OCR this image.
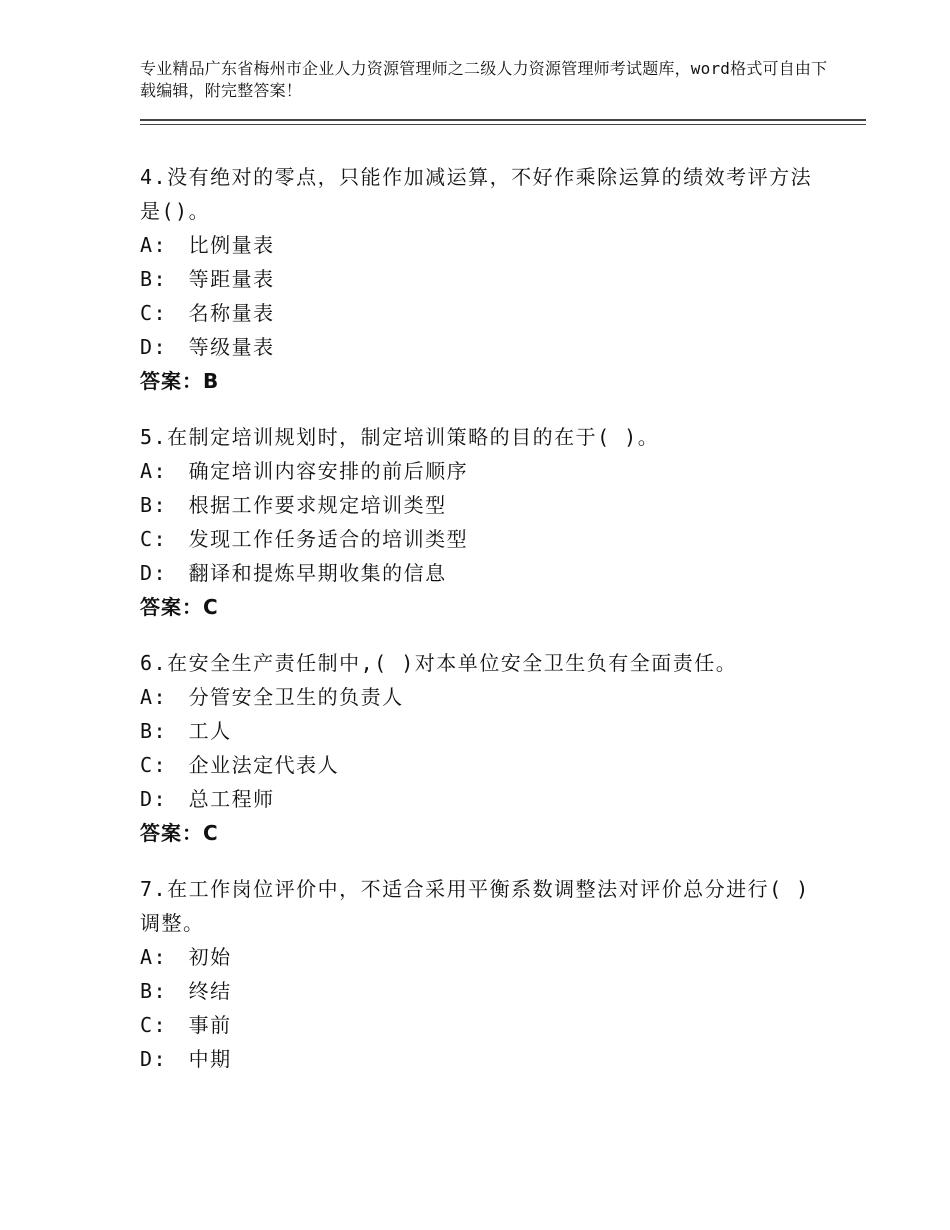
专业精品广东省梅州市企业人力资源管理师之二级人力资源管理师考试题库，word格式可自由下载编辑，附完整答案！
4.没有绝对的零点，只能作加减运算，不好作乘除运算的绩效考评方法是()。
A:　比例量表
B:　等距量表
C:　名称量表
D:　等级量表
答案：B
5.在制定培训规划时，制定培训策略的目的在于( )。
A:　确定培训内容安排的前后顺序
B:　根据工作要求规定培训类型
C:　发现工作任务适合的培训类型
D:　翻译和提炼早期收集的信息
答案：C
6.在安全生产责任制中,( )对本单位安全卫生负有全面责任。
A:　分管安全卫生的负责人
B:　工人
C:　企业法定代表人
D:　总工程师
答案：C
7.在工作岗位评价中，不适合采用平衡系数调整法对评价总分进行( )调整。
A:　初始
B:　终结
C:　事前
D:　中期
